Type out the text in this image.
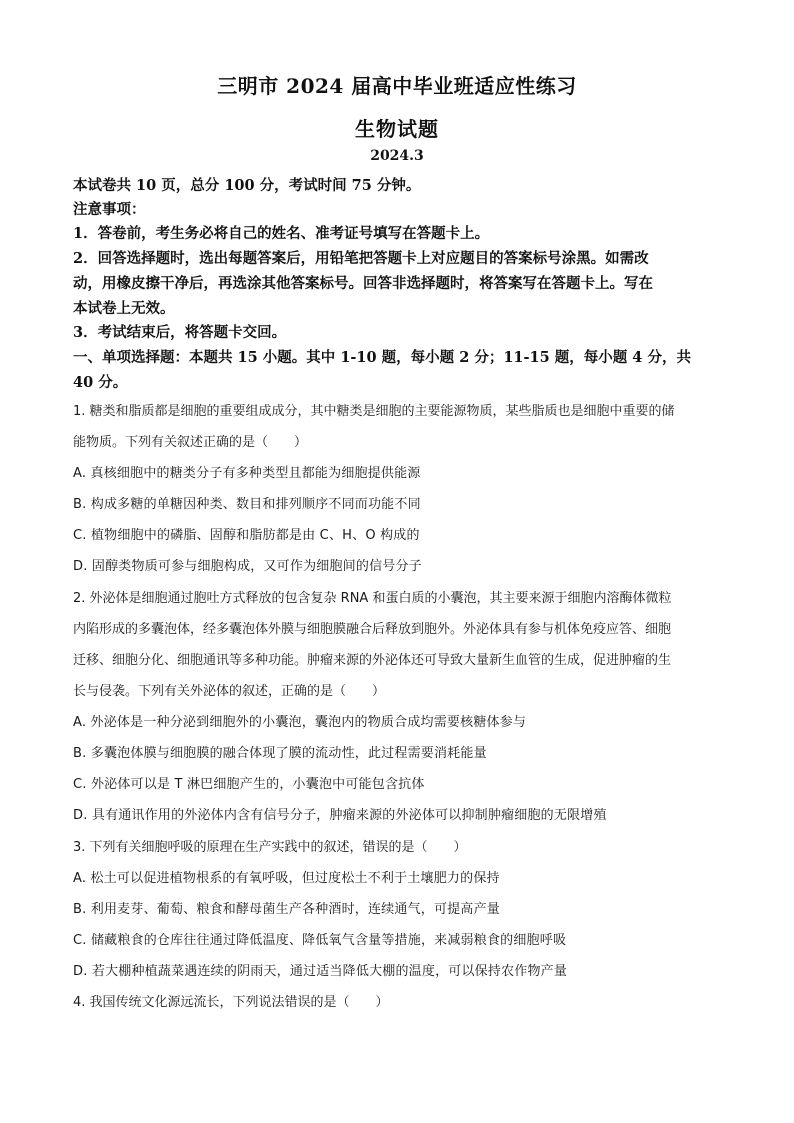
三明市 2024 届高中毕业班适应性练习
生物试题
2024.3
本试卷共 10 页，总分 100 分，考试时间 75 分钟。
注意事项：
1．答卷前，考生务必将自己的姓名、准考证号填写在答题卡上。
2．回答选择题时，选出每题答案后，用铅笔把答题卡上对应题目的答案标号涂黑。如需改
动，用橡皮擦干净后，再选涂其他答案标号。回答非选择题时，将答案写在答题卡上。写在
本试卷上无效。
3．考试结束后，将答题卡交回。
一、单项选择题：本题共 15 小题。其中 1-10 题，每小题 2 分；11-15 题，每小题 4 分，共
40 分。
1. 糖类和脂质都是细胞的重要组成成分，其中糖类是细胞的主要能源物质，某些脂质也是细胞中重要的储
能物质。下列有关叙述正确的是（　　）
A. 真核细胞中的糖类分子有多种类型且都能为细胞提供能源
B. 构成多糖的单糖因种类、数目和排列顺序不同而功能不同
C. 植物细胞中的磷脂、固醇和脂肪都是由 C、H、O 构成的
D. 固醇类物质可参与细胞构成，又可作为细胞间的信号分子
2. 外泌体是细胞通过胞吐方式释放的包含复杂 RNA 和蛋白质的小囊泡，其主要来源于细胞内溶酶体微粒
内陷形成的多囊泡体，经多囊泡体外膜与细胞膜融合后释放到胞外。外泌体具有参与机体免疫应答、细胞
迁移、细胞分化、细胞通讯等多种功能。肿瘤来源的外泌体还可导致大量新生血管的生成，促进肿瘤的生
长与侵袭。下列有关外泌体的叙述，正确的是（　　）
A. 外泌体是一种分泌到细胞外的小囊泡，囊泡内的物质合成均需要核糖体参与
B. 多囊泡体膜与细胞膜的融合体现了膜的流动性，此过程需要消耗能量
C. 外泌体可以是 T 淋巴细胞产生的，小囊泡中可能包含抗体
D. 具有通讯作用的外泌体内含有信号分子，肿瘤来源的外泌体可以抑制肿瘤细胞的无限增殖
3. 下列有关细胞呼吸的原理在生产实践中的叙述，错误的是（　　）
A. 松土可以促进植物根系的有氧呼吸，但过度松土不利于土壤肥力的保持
B. 利用麦芽、葡萄、粮食和酵母菌生产各种酒时，连续通气，可提高产量
C. 储藏粮食的仓库往往通过降低温度、降低氧气含量等措施，来减弱粮食的细胞呼吸
D. 若大棚种植蔬菜遇连续的阴雨天，通过适当降低大棚的温度，可以保持农作物产量
4. 我国传统文化源远流长，下列说法错误的是（　　）
